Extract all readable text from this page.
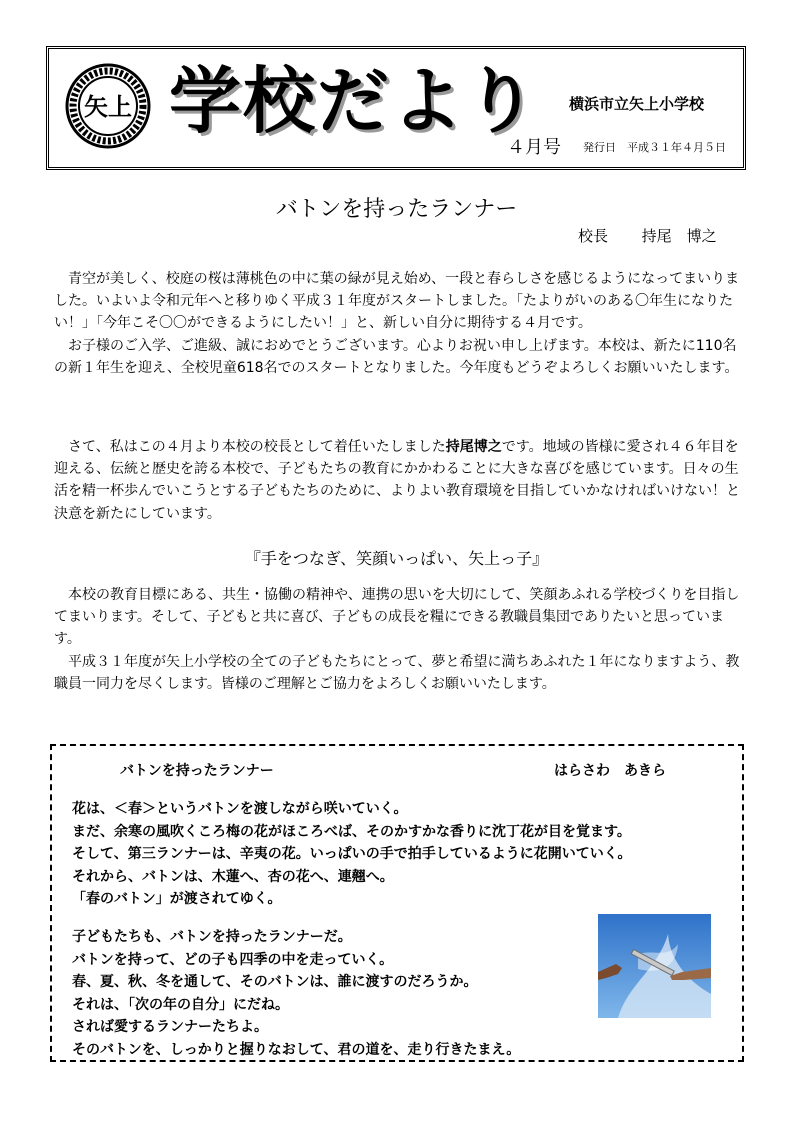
矢上 学校だより 横浜市立矢上小学校
４月号 発行日　平成３１年４月５日
バトンを持ったランナー
校長 持尾　博之

青空が美しく、校庭の桜は薄桃色の中に葉の緑が見え始め、一段と春らしさを感じるようになってまいりました。いよいよ令和元年へと移りゆく平成３１年度がスタートしました。「たよりがいのある〇年生になりたい！」「今年こそ〇〇ができるようにしたい！」と、新しい自分に期待する４月です。

お子様のご入学、ご進級、誠におめでとうございます。心よりお祝い申し上げます。本校は、新たに110名の新１年生を迎え、全校児童618名でのスタートとなりました。今年度もどうぞよろしくお願いいたします。

さて、私はこの４月より本校の校長として着任いたしました持尾博之です。地域の皆様に愛され４６年目を迎える、伝統と歴史を誇る本校で、子どもたちの教育にかかわることに大きな喜びを感じています。日々の生活を精一杯歩んでいこうとする子どもたちのために、よりよい教育環境を目指していかなければいけない！と決意を新たにしています。

『手をつなぎ、笑顔いっぱい、矢上っ子』

本校の教育目標にある、共生・協働の精神や、連携の思いを大切にして、笑顔あふれる学校づくりを目指してまいります。そして、子どもと共に喜び、子どもの成長を糧にできる教職員集団でありたいと思っています。

平成３１年度が矢上小学校の全ての子どもたちにとって、夢と希望に満ちあふれた１年になりますよう、教職員一同力を尽くします。皆様のご理解とご協力をよろしくお願いいたします。

バトンを持ったランナー	はらさわ　あきら
花は、＜春＞というバトンを渡しながら咲いていく。
まだ、余寒の風吹くころ梅の花がほころべば、そのかすかな香りに沈丁花が目を覚ます。
そして、第三ランナーは、辛夷の花。いっぱいの手で拍手しているように花開いていく。
それから、バトンは、木蓮へ、杏の花へ、連翹へ。
「春のバトン」が渡されてゆく。
子どもたちも、バトンを持ったランナーだ。
バトンを持って、どの子も四季の中を走っていく。
春、夏、秋、冬を通して、そのバトンは、誰に渡すのだろうか。
それは、「次の年の自分」にだね。
されば愛するランナーたちよ。
そのバトンを、しっかりと握りなおして、君の道を、走り行きたまえ。
